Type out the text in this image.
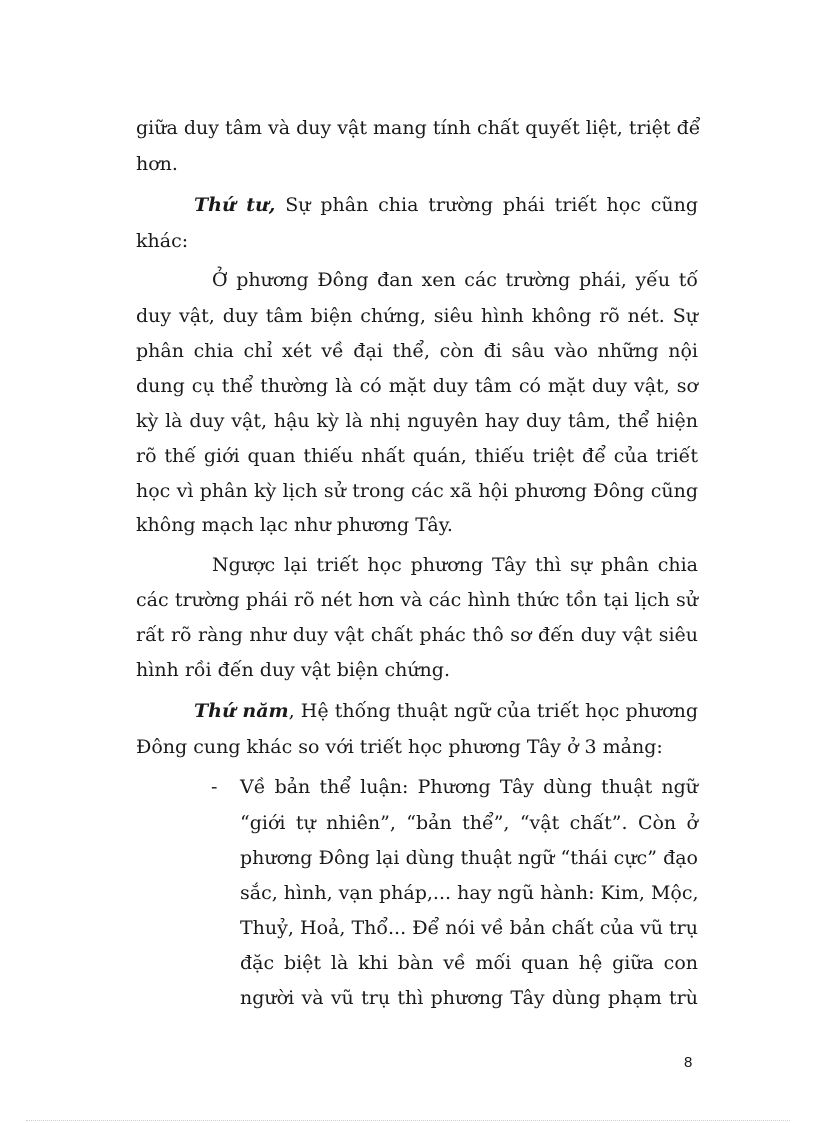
giữa duy tâm và duy vật mang tính chất quyết liệt, triệt để
hơn.
Thứ tư, Sự phân chia trường phái triết học cũng
khác:
Ở phương Đông đan xen các trường phái, yếu tố
duy vật, duy tâm biện chứng, siêu hình không rõ nét. Sự
phân chia chỉ xét về đại thể, còn đi sâu vào những nội
dung cụ thể thường là có mặt duy tâm có mặt duy vật, sơ
kỳ là duy vật, hậu kỳ là nhị nguyên hay duy tâm, thể hiện
rõ thế giới quan thiếu nhất quán, thiếu triệt để của triết
học vì phân kỳ lịch sử trong các xã hội phương Đông cũng
không mạch lạc như phương Tây.
Ngược lại triết học phương Tây thì sự phân chia
các trường phái rõ nét hơn và các hình thức tồn tại lịch sử
rất rõ ràng như duy vật chất phác thô sơ đến duy vật siêu
hình rồi đến duy vật biện chứng.
Thứ năm, Hệ thống thuật ngữ của triết học phương
Đông cung khác so với triết học phương Tây ở 3 mảng:
- Về bản thể luận: Phương Tây dùng thuật ngữ
“giới tự nhiên”, “bản thể”, “vật chất”. Còn ở
phương Đông lại dùng thuật ngữ “thái cực” đạo
sắc, hình, vạn pháp,... hay ngũ hành: Kim, Mộc,
Thuỷ, Hoả, Thổ... Để nói về bản chất của vũ trụ
đặc biệt là khi bàn về mối quan hệ giữa con
người và vũ trụ thì phương Tây dùng phạm trù
8
